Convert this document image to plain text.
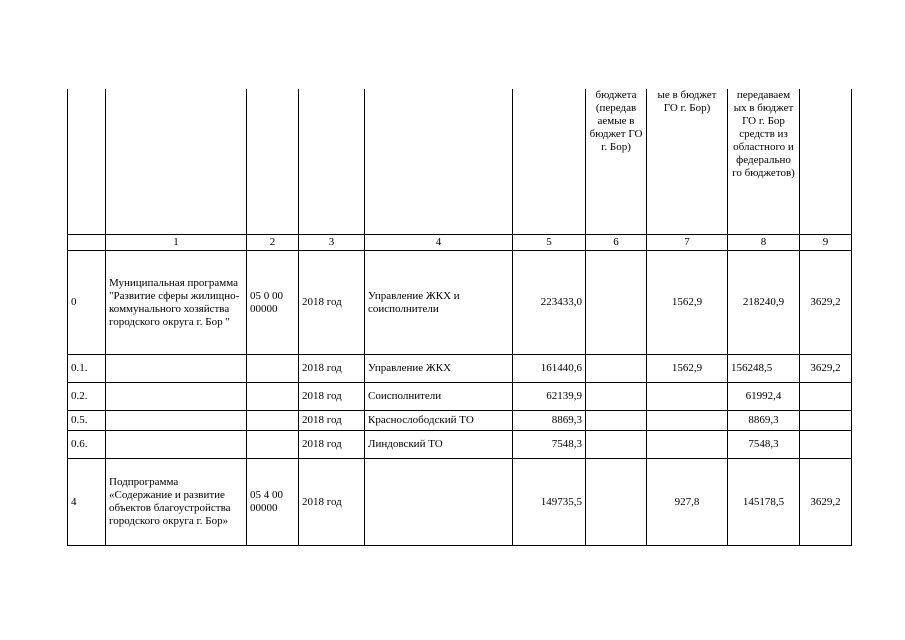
						бюджета (передав аемые в бюджет ГО г. Бор)	ые в бюджет ГО г. Бор)	передаваем ых в бюджет ГО г. Бор средств из областного и федерально го бюджетов)	
	1	2	3	4	5	6	7	8	9
0	Муниципальная программа "Развитие сферы жилищно-коммунального хозяйства городского округа г. Бор "	05 0 00 00000	2018 год	Управление ЖКХ и соисполнители	223433,0		1562,9	218240,9	3629,2
0.1.			2018 год	Управление ЖКХ	161440,6		1562,9	156248,5	3629,2
0.2.			2018 год	Соисполнители	62139,9			61992,4	
0.5.			2018 год	Краснослободский ТО	8869,3			8869,3	
0.6.			2018 год	Линдовский ТО	7548,3			7548,3	
4	Подпрограмма «Содержание и развитие объектов благоустройства городского округа г. Бор»	05 4 00 00000	2018 год		149735,5		927,8	145178,5	3629,2
